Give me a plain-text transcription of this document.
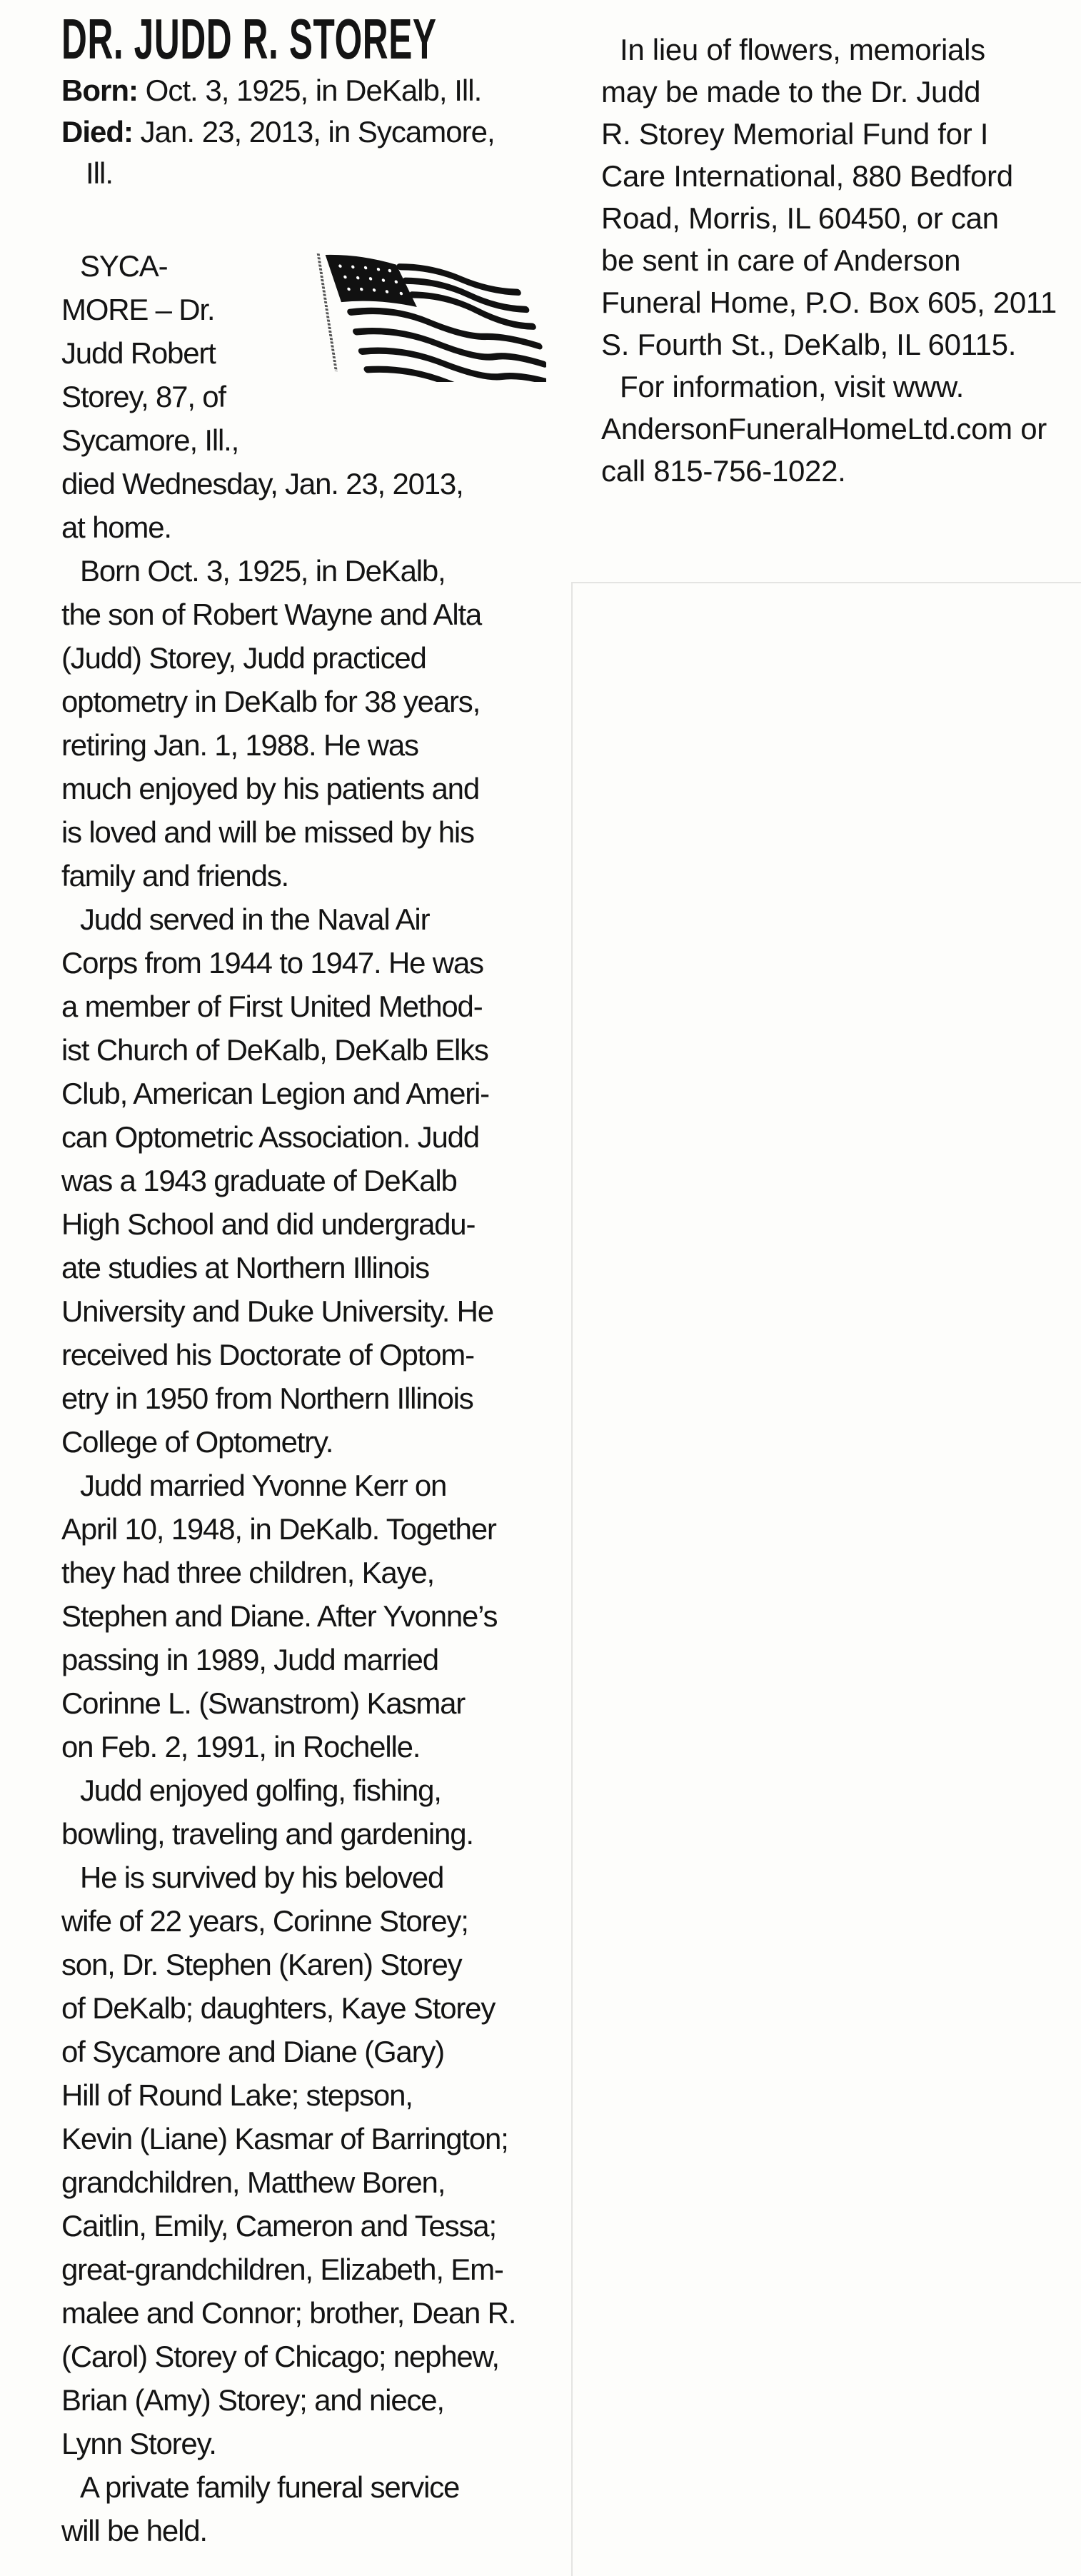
DR. JUDD R. STOREY
Born: Oct. 3, 1925, in DeKalb, Ill.
Died: Jan. 23, 2013, in Sycamore,
Ill.
SYCA-
MORE – Dr.
Judd Robert
Storey, 87, of
Sycamore, Ill.,
died Wednesday, Jan. 23, 2013,
at home.
Born Oct. 3, 1925, in DeKalb,
the son of Robert Wayne and Alta
(Judd) Storey, Judd practiced
optometry in DeKalb for 38 years,
retiring Jan. 1, 1988. He was
much enjoyed by his patients and
is loved and will be missed by his
family and friends.
Judd served in the Naval Air
Corps from 1944 to 1947. He was
a member of First United Method-
ist Church of DeKalb, DeKalb Elks
Club, American Legion and Ameri-
can Optometric Association. Judd
was a 1943 graduate of DeKalb
High School and did undergradu-
ate studies at Northern Illinois
University and Duke University. He
received his Doctorate of Optom-
etry in 1950 from Northern Illinois
College of Optometry.
Judd married Yvonne Kerr on
April 10, 1948, in DeKalb. Together
they had three children, Kaye,
Stephen and Diane. After Yvonne’s
passing in 1989, Judd married
Corinne L. (Swanstrom) Kasmar
on Feb. 2, 1991, in Rochelle.
Judd enjoyed golfing, fishing,
bowling, traveling and gardening.
He is survived by his beloved
wife of 22 years, Corinne Storey;
son, Dr. Stephen (Karen) Storey
of DeKalb; daughters, Kaye Storey
of Sycamore and Diane (Gary)
Hill of Round Lake; stepson,
Kevin (Liane) Kasmar of Barrington;
grandchildren, Matthew Boren,
Caitlin, Emily, Cameron and Tessa;
great-grandchildren, Elizabeth, Em-
malee and Connor; brother, Dean R.
(Carol) Storey of Chicago; nephew,
Brian (Amy) Storey; and niece,
Lynn Storey.
A private family funeral service
will be held.
In lieu of flowers, memorials
may be made to the Dr. Judd
R. Storey Memorial Fund for I
Care International, 880 Bedford
Road, Morris, IL 60450, or can
be sent in care of Anderson
Funeral Home, P.O. Box 605, 2011
S. Fourth St., DeKalb, IL 60115.
For information, visit www.
AndersonFuneralHomeLtd.com or
call 815-756-1022.
